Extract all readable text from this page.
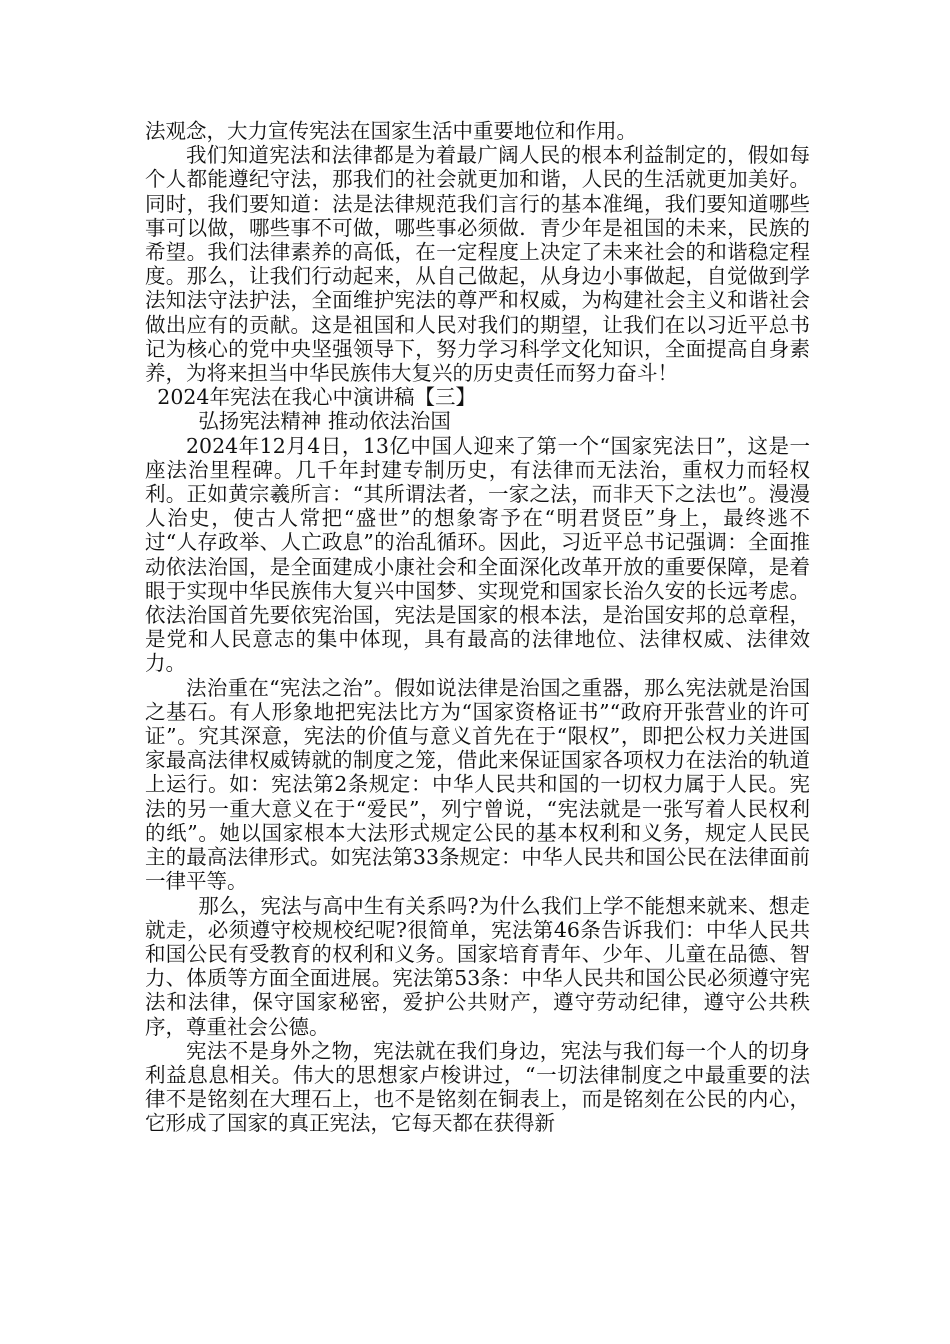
法观念，大力宣传宪法在国家生活中重要地位和作用。

我们知道宪法和法律都是为着最广阔人民的根本利益制定的，假如每个人都能遵纪守法，那我们的社会就更加和谐，人民的生活就更加美好。同时，我们要知道：法是法律规范我们言行的基本准绳，我们要知道哪些事可以做，哪些事不可做，哪些事必须做．青少年是祖国的未来，民族的希望。我们法律素养的高低，在一定程度上决定了未来社会的和谐稳定程度。那么，让我们行动起来，从自己做起，从身边小事做起，自觉做到学法知法守法护法，全面维护宪法的尊严和权威，为构建社会主义和谐社会做出应有的贡献。这是祖国和人民对我们的期望，让我们在以习近平总书记为核心的党中央坚强领导下，努力学习科学文化知识，全面提高自身素养，为将来担当中华民族伟大复兴的历史责任而努力奋斗！

2024年宪法在我心中演讲稿【三】

弘扬宪法精神 推动依法治国

2024年12月4日，13亿中国人迎来了第一个“国家宪法日”，这是一座法治里程碑。几千年封建专制历史，有法律而无法治，重权力而轻权利。正如黄宗羲所言：“其所谓法者，一家之法，而非天下之法也”。漫漫人治史，使古人常把“盛世”的想象寄予在“明君贤臣”身上，最终逃不过“人存政举、人亡政息”的治乱循环。因此，习近平总书记强调：全面推动依法治国，是全面建成小康社会和全面深化改革开放的重要保障，是着眼于实现中华民族伟大复兴中国梦、实现党和国家长治久安的长远考虑。依法治国首先要依宪治国，宪法是国家的根本法，是治国安邦的总章程，是党和人民意志的集中体现，具有最高的法律地位、法律权威、法律效力。

法治重在“宪法之治”。假如说法律是治国之重器，那么宪法就是治国之基石。有人形象地把宪法比方为“国家资格证书”“政府开张营业的许可证”。究其深意，宪法的价值与意义首先在于“限权”，即把公权力关进国家最高法律权威铸就的制度之笼，借此来保证国家各项权力在法治的轨道上运行。如：宪法第2条规定：中华人民共和国的一切权力属于人民。宪法的另一重大意义在于“爱民”，列宁曾说，“宪法就是一张写着人民权利的纸”。她以国家根本大法形式规定公民的基本权利和义务，规定人民民主的最高法律形式。如宪法第33条规定：中华人民共和国公民在法律面前一律平等。

那么，宪法与高中生有关系吗?为什么我们上学不能想来就来、想走就走，必须遵守校规校纪呢?很简单，宪法第46条告诉我们：中华人民共和国公民有受教育的权利和义务。国家培育青年、少年、儿童在品德、智力、体质等方面全面进展。宪法第53条：中华人民共和国公民必须遵守宪法和法律，保守国家秘密，爱护公共财产，遵守劳动纪律，遵守公共秩序，尊重社会公德。

宪法不是身外之物，宪法就在我们身边，宪法与我们每一个人的切身利益息息相关。伟大的思想家卢梭讲过，“一切法律制度之中最重要的法律不是铭刻在大理石上，也不是铭刻在铜表上，而是铭刻在公民的内心，它形成了国家的真正宪法，它每天都在获得新
